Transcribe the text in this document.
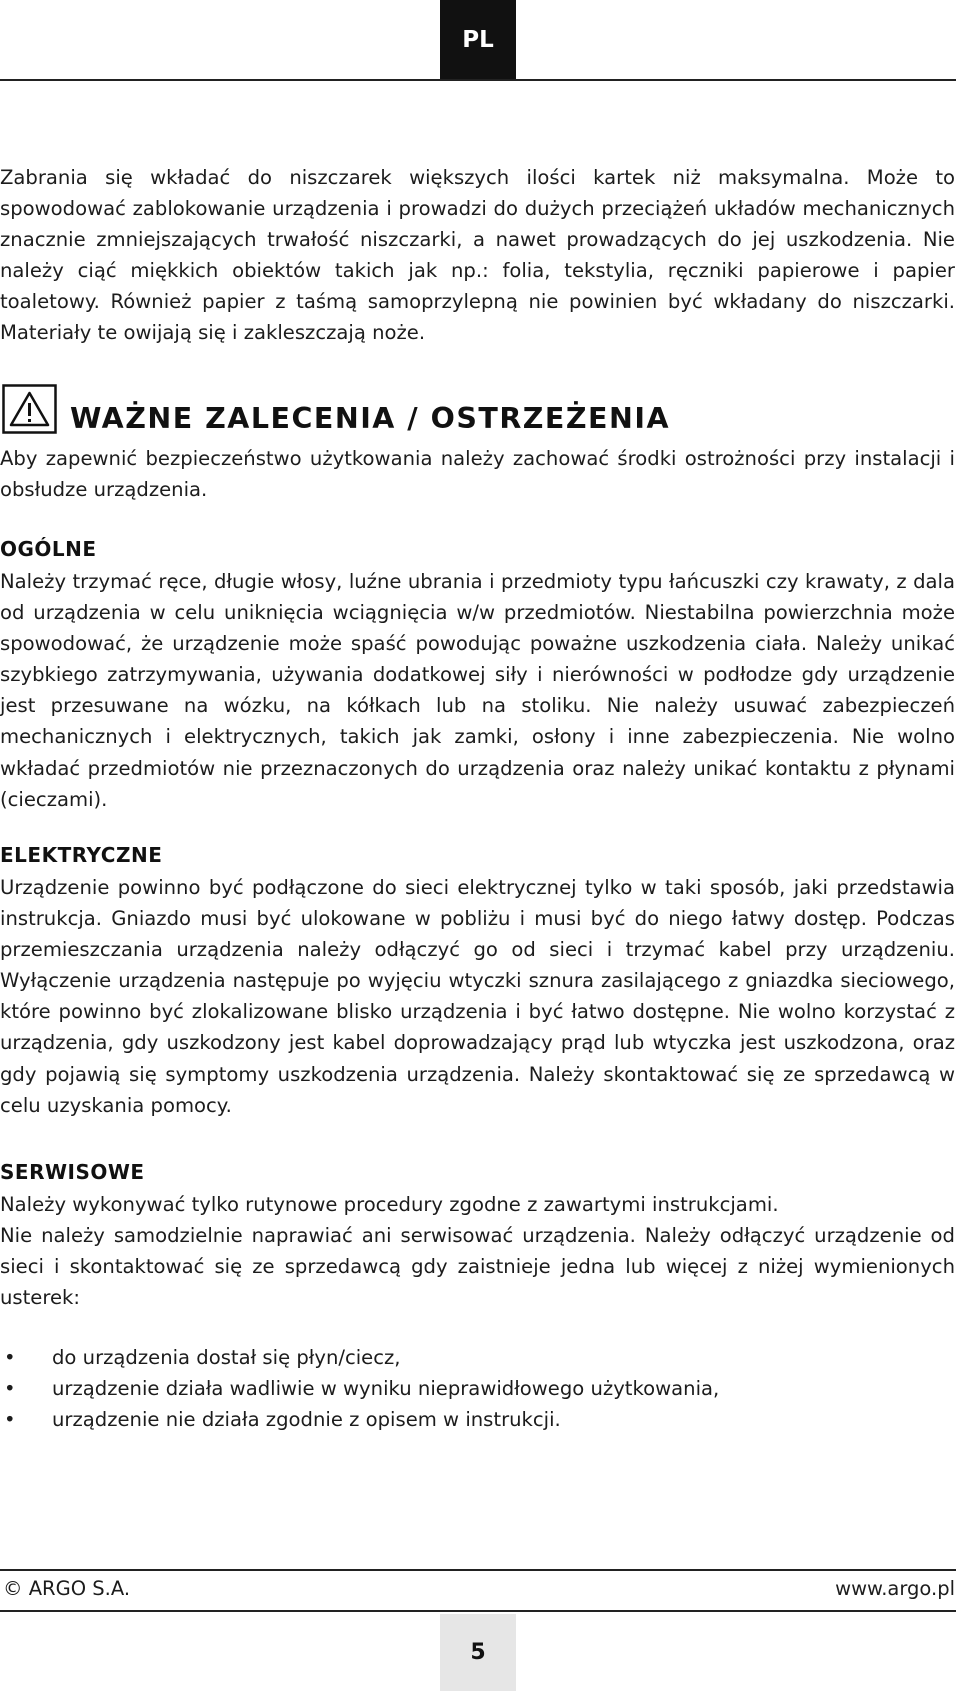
PL

Zabrania się wkładać do niszczarek większych ilości kartek niż maksymalna. Może to spowodować zablokowanie urządzenia i prowadzi do dużych przeciążeń układów mechanicznych znacznie zmniejszających trwałość niszczarki, a nawet prowadzących do jej uszkodzenia. Nie należy ciąć miękkich obiektów takich jak np.: folia, tekstylia, ręczniki papierowe i papier toaletowy. Również papier z taśmą samoprzylepną nie powinien być wkładany do niszczarki. Materiały te owijają się i zakleszczają noże.

WAŻNE ZALECENIA / OSTRZEŻENIA

Aby zapewnić bezpieczeństwo użytkowania należy zachować środki ostrożności przy instalacji i obsłudze urządzenia.

OGÓLNE

Należy trzymać ręce, długie włosy, luźne ubrania i przedmioty typu łańcuszki czy krawaty, z dala od urządzenia w celu uniknięcia wciągnięcia w/w przedmiotów. Niestabilna powierzchnia może spowodować, że urządzenie może spaść powodując poważne uszkodzenia ciała. Należy unikać szybkiego zatrzymywania, używania dodatkowej siły i nierówności w podłodze gdy urządzenie jest przesuwane na wózku, na kółkach lub na stoliku. Nie należy usuwać zabezpieczeń mechanicznych i elektrycznych, takich jak zamki, osłony i inne zabezpieczenia. Nie wolno wkładać przedmiotów nie przeznaczonych do urządzenia oraz należy unikać kontaktu z płynami (cieczami).

ELEKTRYCZNE

Urządzenie powinno być podłączone do sieci elektrycznej tylko w taki sposób, jaki przedstawia instrukcja. Gniazdo musi być ulokowane w pobliżu i musi być do niego łatwy dostęp. Podczas przemieszczania urządzenia należy odłączyć go od sieci i trzymać kabel przy urządzeniu. Wyłączenie urządzenia następuje po wyjęciu wtyczki sznura zasilającego z gniazdka sieciowego, które powinno być zlokalizowane blisko urządzenia i być łatwo dostępne. Nie wolno korzystać z urządzenia, gdy uszkodzony jest kabel doprowadzający prąd lub wtyczka jest uszkodzona, oraz gdy pojawią się symptomy uszkodzenia urządzenia. Należy skontaktować się ze sprzedawcą w celu uzyskania pomocy.

SERWISOWE

Należy wykonywać tylko rutynowe procedury zgodne z zawartymi instrukcjami.

Nie należy samodzielnie naprawiać ani serwisować urządzenia. Należy odłączyć urządzenie od sieci i skontaktować się ze sprzedawcą gdy zaistnieje jedna lub więcej z niżej wymienionych usterek:

• do urządzenia dostał się płyn/ciecz,
• urządzenie działa wadliwie w wyniku nieprawidłowego użytkowania,
• urządzenie nie działa zgodnie z opisem w instrukcji.
© ARGO S.A.	www.argo.pl
5
